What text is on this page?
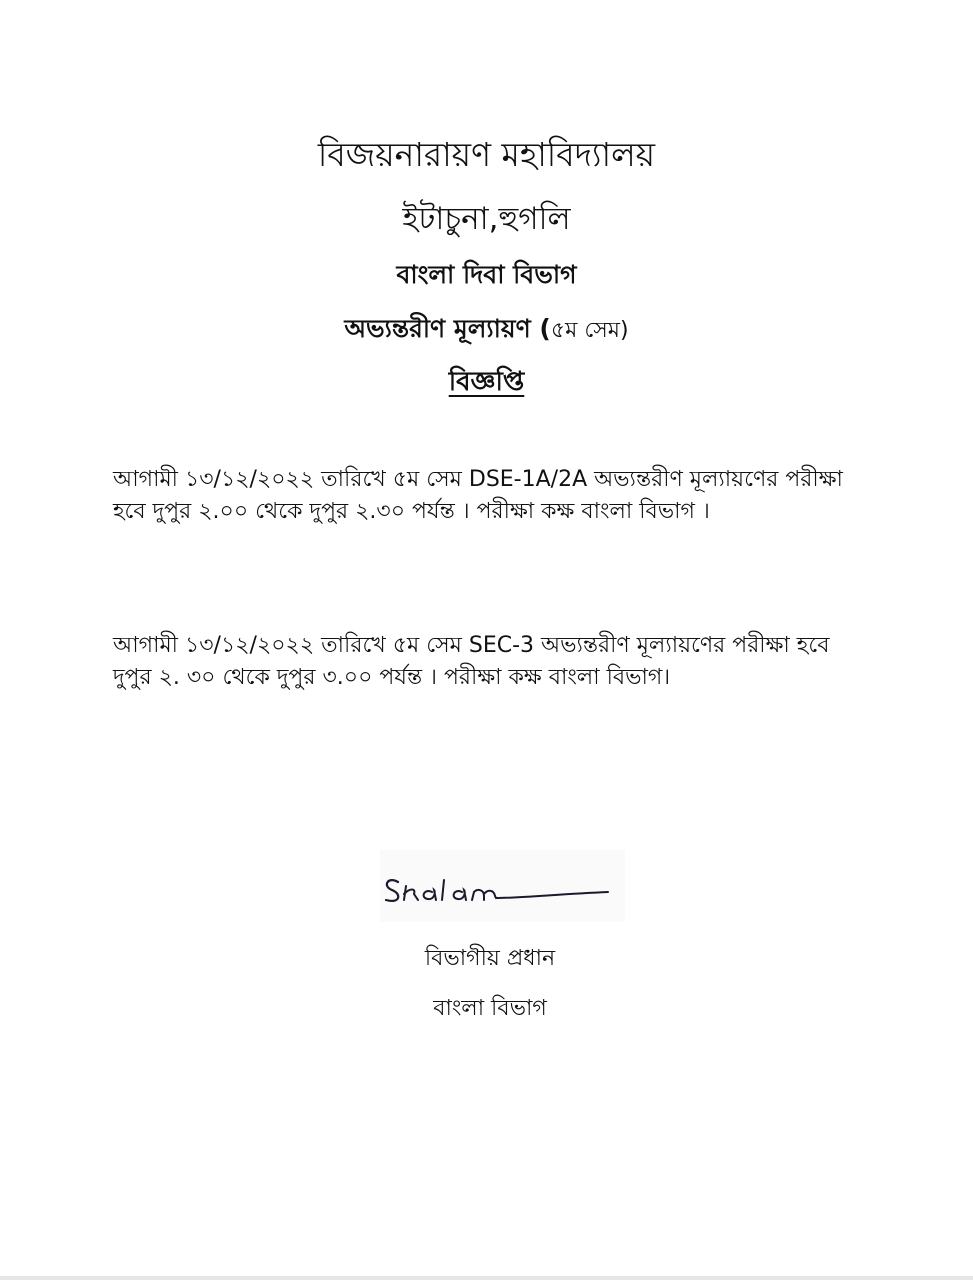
বিজয়নারায়ণ মহাবিদ্যালয়
ইটাচুনা,হুগলি
বাংলা দিবা বিভাগ
অভ্যন্তরীণ মূল্যায়ণ (৫ম সেম)
বিজ্ঞপ্তি
আগামী ১৩/১২/২০২২ তারিখে ৫ম সেম DSE-1A/2A অভ্যন্তরীণ মূল্যায়ণের পরীক্ষা হবে দুপুর ২.০০ থেকে দুপুর ২.৩০ পর্যন্ত । পরীক্ষা কক্ষ বাংলা বিভাগ ।
আগামী ১৩/১২/২০২২ তারিখে ৫ম সেম SEC-3 অভ্যন্তরীণ মূল্যায়ণের পরীক্ষা হবে দুপুর ২. ৩০ থেকে দুপুর ৩.০০ পর্যন্ত । পরীক্ষা কক্ষ বাংলা বিভাগ।
বিভাগীয় প্রধান
বাংলা বিভাগ
